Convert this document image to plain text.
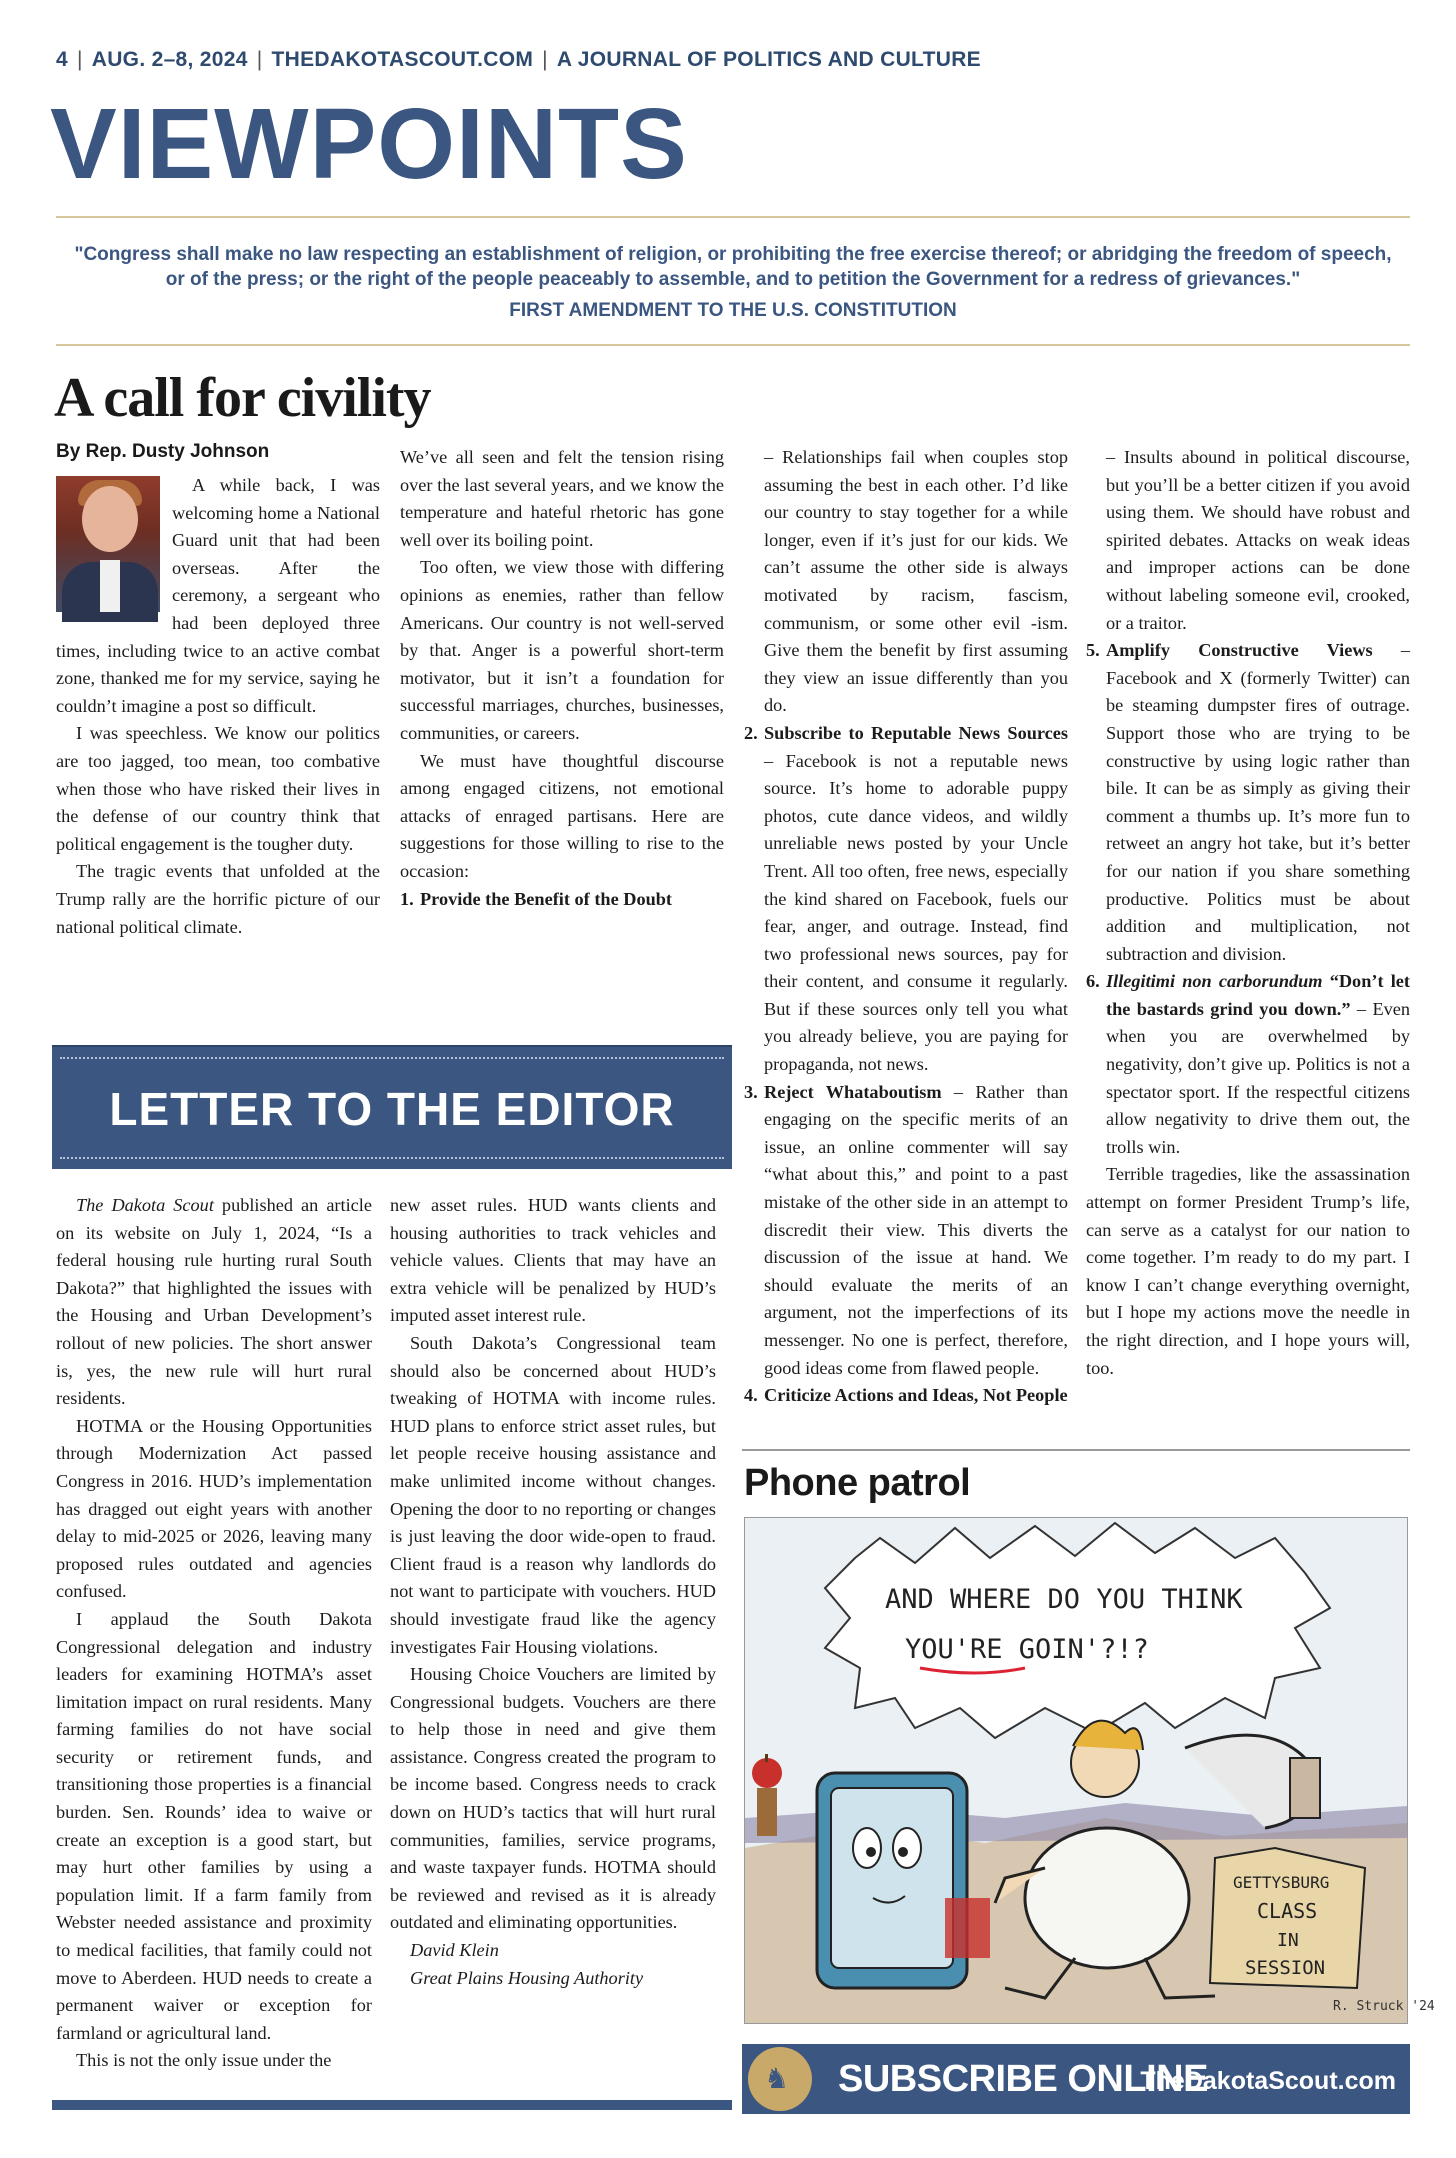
4 | AUG. 2–8, 2024 | THEDAKOTASCOUT.COM | A JOURNAL OF POLITICS AND CULTURE
VIEWPOINTS
"Congress shall make no law respecting an establishment of religion, or prohibiting the free exercise thereof; or abridging the freedom of speech,
or of the press; or the right of the people peaceably to assemble, and to petition the Government for a redress of grievances."
FIRST AMENDMENT TO THE U.S. CONSTITUTION
A call for civility
By Rep. Dusty Johnson

A while back, I was welcoming home a National Guard unit that had been overseas. After the ceremony, a sergeant who had been deployed three times, including twice to an active combat zone, thanked me for my service, saying he couldn’t imagine a post so difficult.

I was speechless. We know our politics are too jagged, too mean, too combative when those who have risked their lives in the defense of our country think that political engagement is the tougher duty.

The tragic events that unfolded at the Trump rally are the horrific picture of our national political climate.

We’ve all seen and felt the tension rising over the last several years, and we know the temperature and hateful rhetoric has gone well over its boiling point.

Too often, we view those with differing opinions as enemies, rather than fellow Americans. Our country is not well-served by that. Anger is a powerful short-term motivator, but it isn’t a foundation for successful marriages, churches, businesses, communities, or careers.

We must have thoughtful discourse among engaged citizens, not emotional attacks of enraged partisans. Here are suggestions for those willing to rise to the occasion:

1. Provide the Benefit of the Doubt

– Relationships fail when couples stop assuming the best in each other. I’d like our country to stay together for a while longer, even if it’s just for our kids. We can’t assume the other side is always motivated by racism, fascism, communism, or some other evil -ism. Give them the benefit by first assuming they view an issue differently than you do.

2. Subscribe to Reputable News Sources – Facebook is not a reputable news source. It’s home to adorable puppy photos, cute dance videos, and wildly unreliable news posted by your Uncle Trent. All too often, free news, especially the kind shared on Facebook, fuels our fear, anger, and outrage. Instead, find two professional news sources, pay for their content, and consume it regularly. But if these sources only tell you what you already believe, you are paying for propaganda, not news.

3. Reject Whataboutism – Rather than engaging on the specific merits of an issue, an online commenter will say “what about this,” and point to a past mistake of the other side in an attempt to discredit their view. This diverts the discussion of the issue at hand. We should evaluate the merits of an argument, not the imperfections of its messenger. No one is perfect, therefore, good ideas come from flawed people.

4. Criticize Actions and Ideas, Not People

– Insults abound in political discourse, but you’ll be a better citizen if you avoid using them. We should have robust and spirited debates. Attacks on weak ideas and improper actions can be done without labeling someone evil, crooked, or a traitor.

5. Amplify Constructive Views – Facebook and X (formerly Twitter) can be steaming dumpster fires of outrage. Support those who are trying to be constructive by using logic rather than bile. It can be as simply as giving their comment a thumbs up. It’s more fun to retweet an angry hot take, but it’s better for our nation if you share something productive. Politics must be about addition and multiplication, not subtraction and division.

6. Illegitimi non carborundum “Don’t let the bastards grind you down.” – Even when you are overwhelmed by negativity, don’t give up. Politics is not a spectator sport. If the respectful citizens allow negativity to drive them out, the trolls win.

Terrible tragedies, like the assassination attempt on former President Trump’s life, can serve as a catalyst for our nation to come together. I’m ready to do my part. I know I can’t change everything overnight, but I hope my actions move the needle in the right direction, and I hope yours will, too.

LETTER TO THE EDITOR

The Dakota Scout published an article on its website on July 1, 2024, “Is a federal housing rule hurting rural South Dakota?” that highlighted the issues with the Housing and Urban Development’s rollout of new policies. The short answer is, yes, the new rule will hurt rural residents.

HOTMA or the Housing Opportunities through Modernization Act passed Congress in 2016. HUD’s implementation has dragged out eight years with another delay to mid-2025 or 2026, leaving many proposed rules outdated and agencies confused.

I applaud the South Dakota Congressional delegation and industry leaders for examining HOTMA’s asset limitation impact on rural residents. Many farming families do not have social security or retirement funds, and transitioning those properties is a financial burden. Sen. Rounds’ idea to waive or create an exception is a good start, but may hurt other families by using a population limit. If a farm family from Webster needed assistance and proximity to medical facilities, that family could not move to Aberdeen. HUD needs to create a permanent waiver or exception for farmland or agricultural land.

This is not the only issue under the

new asset rules. HUD wants clients and housing authorities to track vehicles and vehicle values. Clients that may have an extra vehicle will be penalized by HUD’s imputed asset interest rule.

South Dakota’s Congressional team should also be concerned about HUD’s tweaking of HOTMA with income rules. HUD plans to enforce strict asset rules, but let people receive housing assistance and make unlimited income without changes. Opening the door to no reporting or changes is just leaving the door wide-open to fraud. Client fraud is a reason why landlords do not want to participate with vouchers. HUD should investigate fraud like the agency investigates Fair Housing violations.

Housing Choice Vouchers are limited by Congressional budgets. Vouchers are there to help those in need and give them assistance. Congress created the program to be income based. Congress needs to crack down on HUD’s tactics that will hurt rural communities, families, service programs, and waste taxpayer funds. HOTMA should be reviewed and revised as it is already outdated and eliminating opportunities.

David Klein

Great Plains Housing Authority

Phone patrol
AND WHERE DO YOU THINK
YOU'RE GOIN'?!?
GETTYSBURG
CLASS
IN
SESSION
R. Struck '24
♞ SUBSCRIBE ONLINE
TheDakotaScout.com
